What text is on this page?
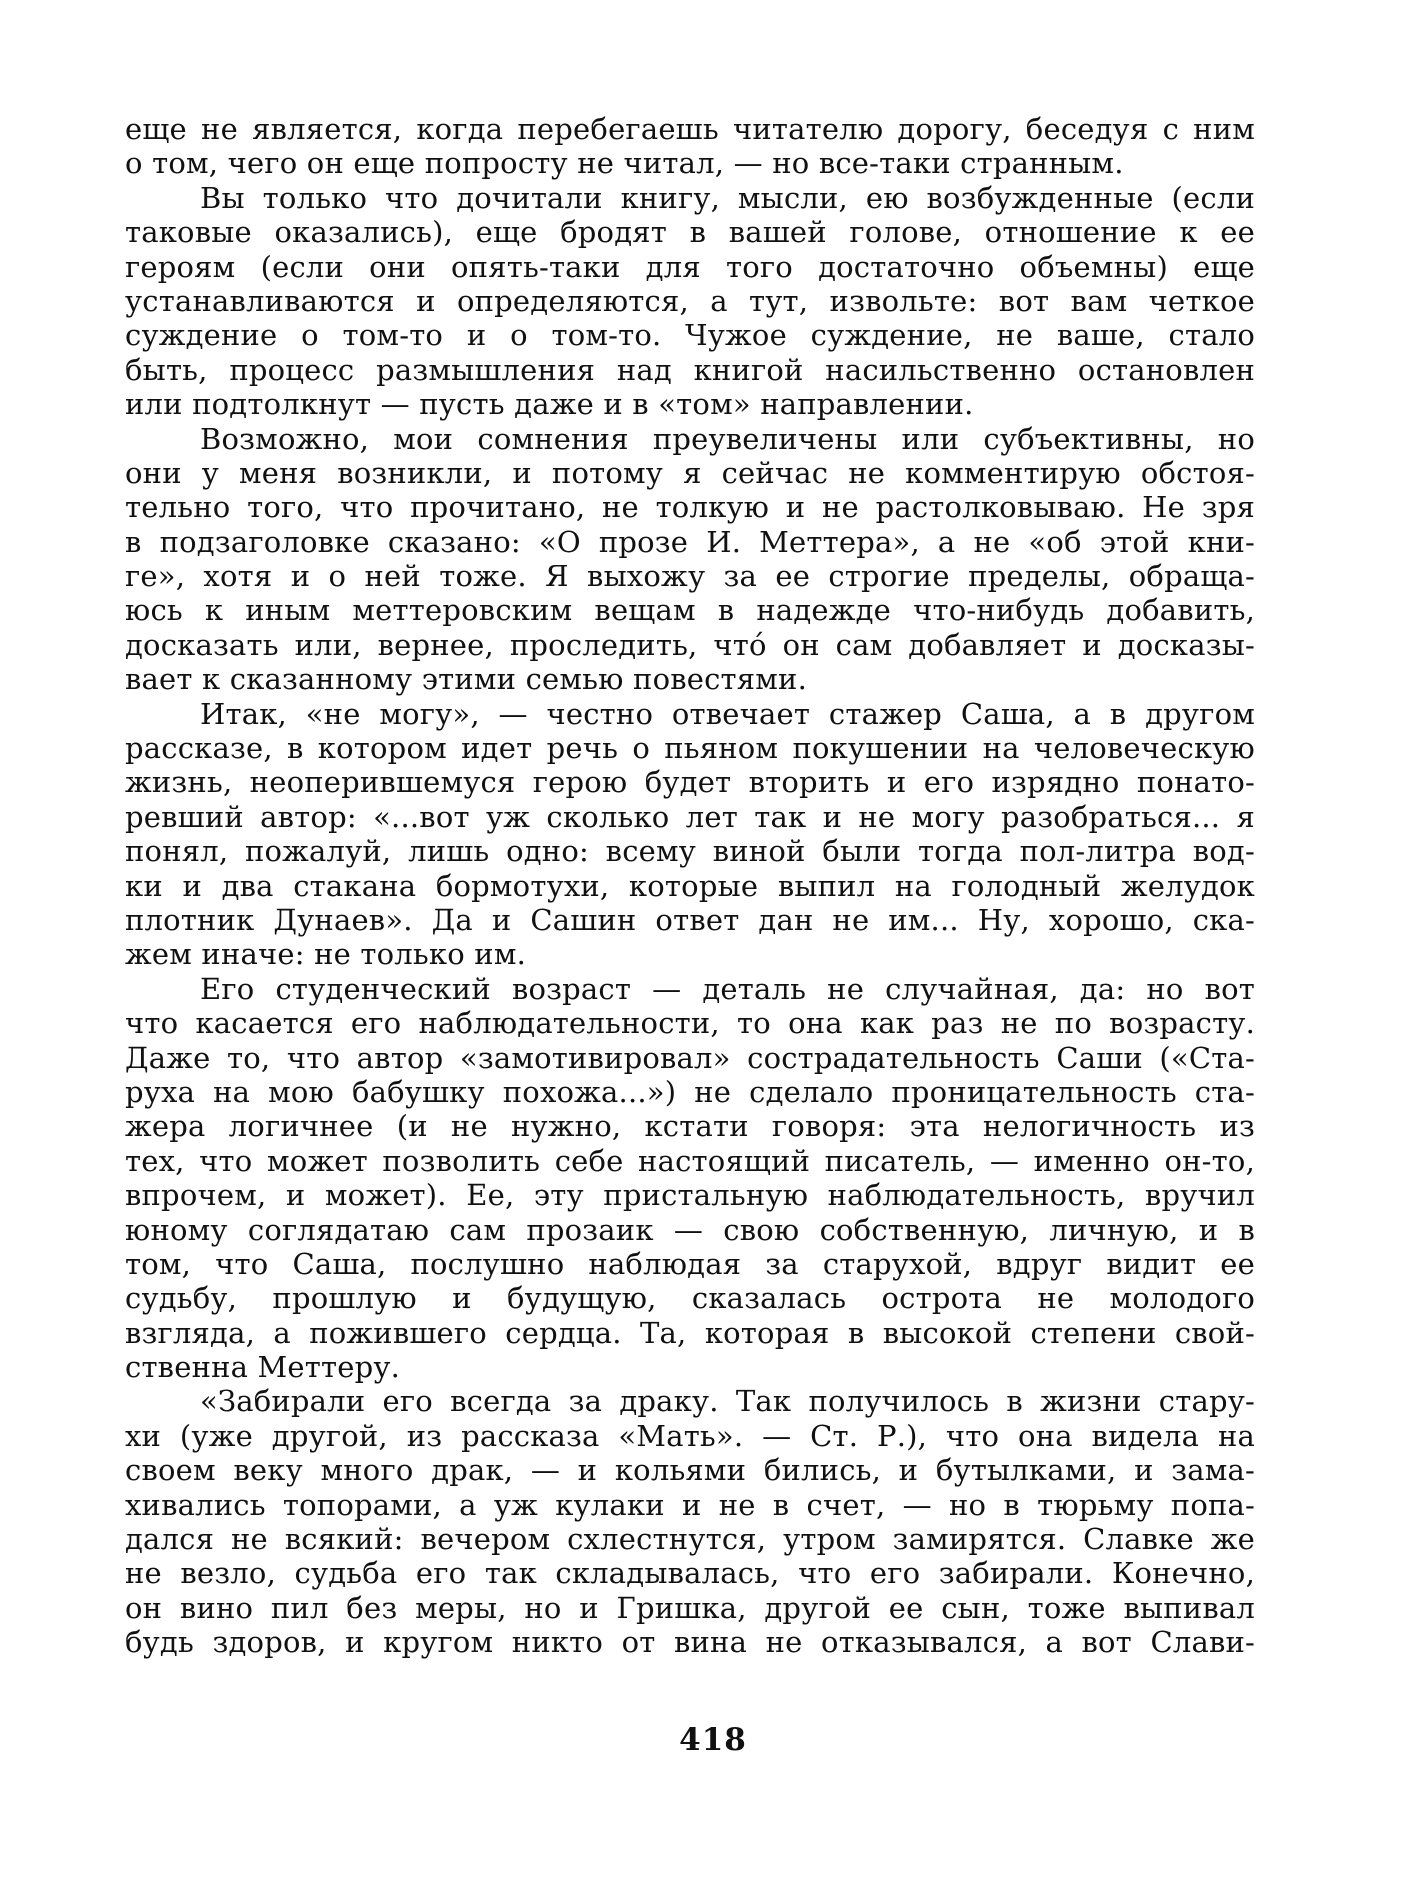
еще не является, когда перебегаешь читателю дорогу, беседуя с ним
о том, чего он еще попросту не читал, — но все-таки странным.
Вы только что дочитали книгу, мысли, ею возбужденные (если
таковые оказались), еще бродят в вашей голове, отношение к ее
героям (если они опять-таки для того достаточно объемны) еще
устанавливаются и определяются, а тут, извольте: вот вам четкое
суждение о том-то и о том-то. Чужое суждение, не ваше, стало
быть, процесс размышления над книгой насильственно остановлен
или подтолкнут — пусть даже и в «том» направлении.
Возможно, мои сомнения преувеличены или субъективны, но
они у меня возникли, и потому я сейчас не комментирую обстоя-
тельно того, что прочитано, не толкую и не растолковываю. Не зря
в подзаголовке сказано: «О прозе И. Меттера», а не «об этой кни-
ге», хотя и о ней тоже. Я выхожу за ее строгие пределы, обраща-
юсь к иным меттеровским вещам в надежде что-нибудь добавить,
досказать или, вернее, проследить, что́ он сам добавляет и досказы-
вает к сказанному этими семью повестями.
Итак, «не могу», — честно отвечает стажер Саша, а в другом
рассказе, в котором идет речь о пьяном покушении на человеческую
жизнь, неоперившемуся герою будет вторить и его изрядно понато-
ревший автор: «...вот уж сколько лет так и не могу разобраться... я
понял, пожалуй, лишь одно: всему виной были тогда пол-литра вод-
ки и два стакана бормотухи, которые выпил на голодный желудок
плотник Дунаев». Да и Сашин ответ дан не им... Ну, хорошо, ска-
жем иначе: не только им.
Его студенческий возраст — деталь не случайная, да: но вот
что касается его наблюдательности, то она как раз не по возрасту.
Даже то, что автор «замотивировал» сострадательность Саши («Ста-
руха на мою бабушку похожа...») не сделало проницательность ста-
жера логичнее (и не нужно, кстати говоря: эта нелогичность из
тех, что может позволить себе настоящий писатель, — именно он-то,
впрочем, и может). Ее, эту пристальную наблюдательность, вручил
юному соглядатаю сам прозаик — свою собственную, личную, и в
том, что Саша, послушно наблюдая за старухой, вдруг видит ее
судьбу, прошлую и будущую, сказалась острота не молодого
взгляда, а пожившего сердца. Та, которая в высокой степени свой-
ственна Меттеру.
«Забирали его всегда за драку. Так получилось в жизни стару-
хи (уже другой, из рассказа «Мать». — Ст. Р.), что она видела на
своем веку много драк, — и кольями бились, и бутылками, и зама-
хивались топорами, а уж кулаки и не в счет, — но в тюрьму попа-
дался не всякий: вечером схлестнутся, утром замирятся. Славке же
не везло, судьба его так складывалась, что его забирали. Конечно,
он вино пил без меры, но и Гришка, другой ее сын, тоже выпивал
будь здоров, и кругом никто от вина не отказывался, а вот Слави-
418
